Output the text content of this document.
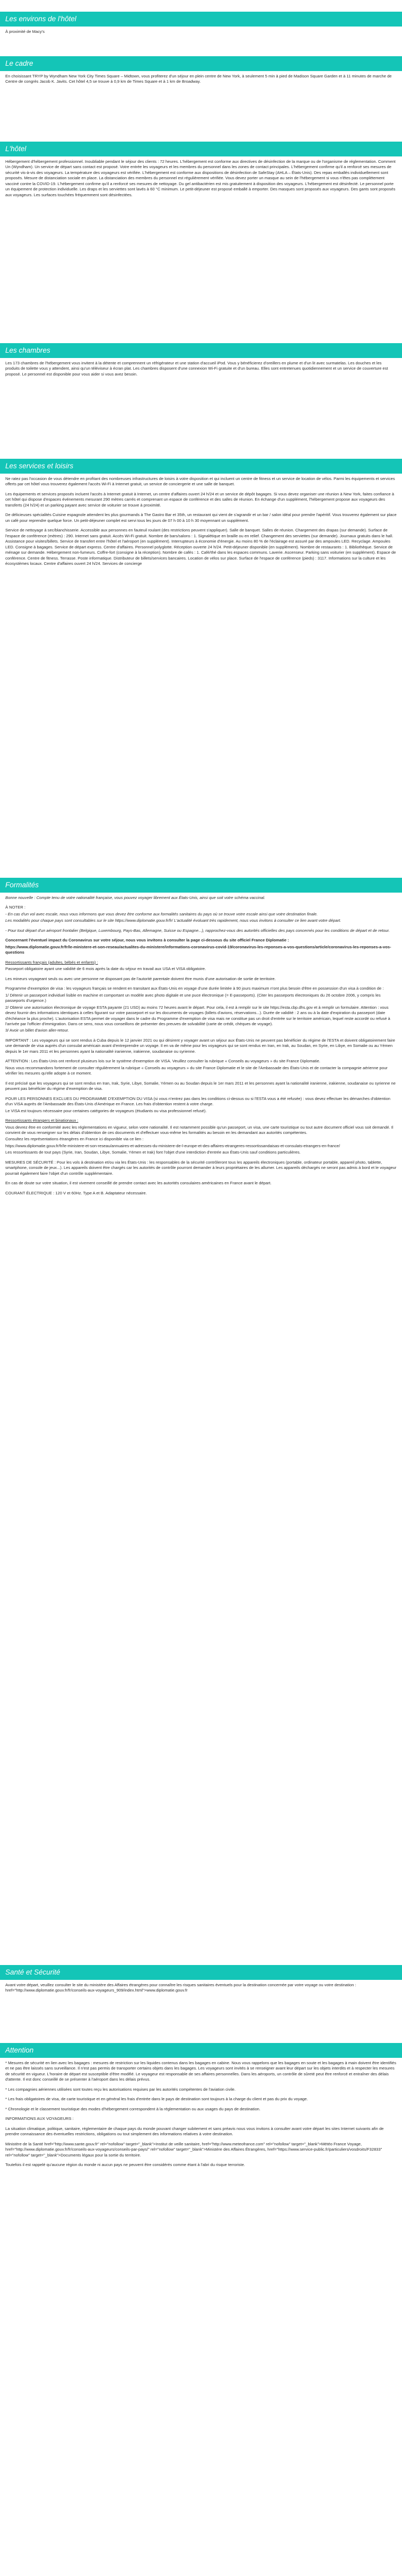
Les environs de l'hôtel

À proximité de Macy's

Le cadre

En choisissant TRYP by Wyndham New York City Times Square – Midtown, vous profiterez d'un séjour en plein centre de New York, à seulement 5 min à pied de Madison Square Garden et à 11 minutes de marche de Centre de congrès Jacob K. Javits. Cet hôtel 4,5 se trouve à 0,9 km de Times Square et à 1 km de Broadway.

L'hôtel

Hébergement d'hébergement professionnel. Inoubliable pendant le séjour des clients : 72 heures. L'hébergement est conforme aux directives de désinfection de la marque ou de l'organisme de réglementation. Comment Un (Wyndham). Un service de départ sans contact est proposé. Votre entrée les voyageurs et les membres du personnel dans les zones de contact principales. L'hébergement confirme qu'il a renforcé ses mesures de sécurité vis-à-vis des voyageurs. La température des voyageurs est vérifiée. L'hébergement est conforme aux dispositions de désinfection de SafeStay (AHLA – États-Unis). Des repas emballés individuellement sont proposés. Mesure de distanciation sociale en place. La distanciation des membres du personnel est régulièrement vérifiée. Vous devez porter un masque au sein de l'hébergement si vous n'êtes pas complètement vacciné contre la COVID-19. L'hébergement confirme qu'il a renforcé ses mesures de nettoyage. Du gel antibactérien est mis gratuitement à disposition des voyageurs. L'hébergement est désinfecté. Le personnel porte un équipement de protection individuelle. Les draps et les serviettes sont lavés à 60 °C minimum. Le petit-déjeuner est proposé emballé à emporter. Des masques sont proposés aux voyageurs. Des gants sont proposés aux voyageurs. Les surfaces touchées fréquemment sont désinfectées.

Les chambres

Les 173 chambres de l'hébergement vous invitent à la détente et comprennent un réfrigérateur et une station d'accueil iPod. Vous y bénéficierez d'oreillers en plume et d'un lit avec surmatelas. Les douches et les produits de toilette vous y attendent, ainsi qu'un téléviseur à écran plat. Les chambres disposent d'une connexion Wi-Fi gratuite et d'un bureau. Elles sont entretenues quotidiennement et un service de couverture est proposé. Le personnel est disponible pour vous aider si vous avez besoin.

Les services et loisirs

Ne ratez pas l'occasion de vous détendre en profitant des nombreuses infrastructures de loisirs à votre disposition et qui incluent un centre de fitness et un service de location de vélos. Parmi les équipements et services offerts par cet hôtel vous trouverez également l'accès Wi-Fi à Internet gratuit, un service de conciergerie et une salle de banquet.

Les équipements et services proposés incluent l'accès à Internet gratuit à Internet, un centre d'affaires ouvert 24 h/24 et un service de dépôt bagages. Si vous devez organiser une réunion à New York, faites confiance à cet hôtel qui dispose d'espaces événements mesurant 290 mètres carrés et comprenant un espace de conférence et des salles de réunion. En échange d'un supplément, l'hébergement propose aux voyageurs des transferts (24 h/24) et un parking payant avec service de voiturier se trouve à proximité.

De délicieuses spécialités Cuisine espagnole attendent les plus gourmands à The Gastro Bar et 35th, un restaurant qui vient de s'agrandir et un bar / salon idéal pour prendre l'apéritif. Vous trouverez également sur place un café pour reprendre quelque force. Un petit-déjeuner complet est servi tous les jours de 07 h 00 à 10 h 30 moyennant un supplément.

Service de nettoyage à sec/blanchisserie. Accessible aux personnes en fauteuil roulant (des restrictions peuvent s'appliquer). Salle de banquet. Salles de réunion. Chargement des drapas (sur demande). Surface de l'espace de conférence (mètres) : 290. Internet sans gratuit. Accès Wi-Fi gratuit. Nombre de bars/salons : 1. Signalétique en braille ou en relief. Changement des serviettes (sur demande). Journaux gratuits dans le hall. Assistance pour visites/billets. Service de transfert entre l'hôtel et l'aéroport (en supplément). Interrupteurs à économie d'énergie. Au moins 80 % de l'éclairage est assuré par des ampoules LED. Recyclage. Ampoules LED. Consigne à bagages. Service de départ express. Centre d'affaires. Personnel polyglotte. Réception ouverte 24 h/24. Petit-déjeuner disponible (en supplément). Nombre de restaurants : 1. Bibliothèque. Service de ménage sur demande. Hébergement non-fumeurs. Coffre-fort (consigne à la réception). Nombre de cafés : 1. Café/thé dans les espaces communs. Laverie. Ascenseur. Parking sans voiturier (en supplément). Espace de conférence. Centre de fitness. Terrasse. Poste informatique. Distributeur de billets/services bancaires. Location de vélos sur place. Surface de l'espace de conférence (pieds) : 3117. Informations sur la culture et les écosystèmes locaux. Centre d'affaires ouvert 24 h/24. Services de concierge

Formalités

Bonne nouvelle : Compte tenu de votre nationalité française, vous pouvez voyager librement aux États-Unis, ainsi que soit votre schéma vaccinal.

À NOTER :

- En cas d'un vol avec escale, nous vous informons que vous devez être conforme aux formalités sanitaires du pays où se trouve votre escale ainsi que votre destination finale.

Les modalités pour chaque pays sont consultables sur le site https://www.diplomatie.gouv.fr/fr/ L'actualité évoluant très rapidement, nous vous invitons à consulter ce lien avant votre départ.

- Pour tout départ d'un aéroport frontalier (Belgique, Luxembourg, Pays-Bas, Allemagne, Suisse ou Espagne...), rapprochez-vous des autorités officielles des pays concernés pour les conditions de départ et de retour.

Concernant l'éventuel impact du Coronavirus sur votre séjour, nous vous invitons à consulter la page ci-dessous du site officiel France Diplomatie :

https://www.diplomatie.gouv.fr/fr/le-ministere-et-son-reseau/actualites-du-ministere/informations-coronavirus-covid-19/coronavirus-les-reponses-a-vos-questions/article/coronavirus-les-reponses-a-vos-questions

Ressortissants français (adultes, bébés et enfants) :

Passeport obligatoire ayant une validité de 6 mois après la date du séjour en travail aux USA et VISA obligatoire.

Les mineurs voyageant seuls ou avec une personne ne disposant pas de l'autorité parentale doivent être munis d'une autorisation de sortie de territoire.

Programme d'exemption de visa : les voyageurs français se rendent en transitant aux États-Unis en voyage d'une durée limitée à 90 jours maximum n'ont plus besoin d'être en possession d'un visa à condition de :

1/ Détenir un passeport individuel lisible en machine et comportant un modèle avec photo digitale et une puce électronique (= E-passeports). (Citer les passeports électroniques du 26 octobre 2006, y compris les passeports d'urgence.)

2/ Obtenir une autorisation électronique de voyage ESTA payante (21 USD) au moins 72 heures avant le départ. Pour cela, il est à remplir sur le site https://esta.cbp.dhs.gov et à remplir un formulaire. Attention : vous devez fournir des informations identiques à celles figurant sur votre passeport et sur les documents de voyages (billets d'avions, réservations...). Durée de validité : 2 ans ou à la date d'expiration du passeport (date d'échéance la plus proche). L'autorisation ESTA permet de voyager dans le cadre du Programme d'exemption de visa mais ne constitue pas un droit d'entrée sur le territoire américain, lequel reste accordé ou refusé à l'arrivée par l'officier d'immigration. Dans ce sens, nous vous conseillons de présenter des preuves de solvabilité (carte de crédit, chèques de voyage).

3/ Avoir un billet d'avion aller-retour.

IMPORTANT : Les voyageurs qui se sont rendus à Cuba depuis le 12 janvier 2021 ou qui désirent y voyager avant un séjour aux États-Unis ne peuvent pas bénéficier du régime de l'ESTA et doivent obligatoirement faire une demande de visa auprès d'un consulat américain avant d'entreprendre un voyage. Il en va de même pour les voyageurs qui se sont rendus en Iran, en Irak, au Soudan, en Syrie, en Libye, en Somalie ou au Yémen depuis le 1er mars 2011 et les personnes ayant la nationalité iranienne, irakienne, soudanaise ou syrienne.

ATTENTION : Les États-Unis ont renforcé plusieurs lois sur le système d'exemption de VISA. Veuillez consulter la rubrique « Conseils au voyageurs » du site France Diplomatie.

Nous vous recommandons fortement de consulter régulièrement la rubrique « Conseils au voyageurs » du site France Diplomatie et le site de l'Ambassade des États-Unis et de contacter la compagnie aérienne pour vérifier les mesures qu'elle adopte à ce moment.

Il est précisé que les voyageurs qui se sont rendus en Iran, Irak, Syrie, Libye, Somalie, Yémen ou au Soudan depuis le 1er mars 2011 et les personnes ayant la nationalité iranienne, irakienne, soudanaise ou syrienne ne peuvent pas bénéficier du régime d'exemption de visa.

POUR LES PERSONNES EXCLUES DU PROGRAMME D'EXEMPTION DU VISA (si vous n'entrez pas dans les conditions ci-dessus ou si l'ESTA vous a été refusée) : vous devez effectuer les démarches d'obtention d'un VISA auprès de l'Ambassade des États-Unis d'Amérique en France. Les frais d'obtention restent à votre charge.

Le VISA est toujours nécessaire pour certaines catégories de voyageurs (étudiants ou visa professionnel refusé).

Ressortissants étrangers et binationaux :

Vous devrez être en conformité avec les réglementations en vigueur, selon votre nationalité. Il est notamment possible qu'un passeport, un visa, une carte touristique ou tout autre document officiel vous soit demandé. Il convient de vous renseigner sur les délais d'obtention de ces documents et d'effectuer vous-même les formalités au besoin en les demandant aux autorités compétentes.

Consultez les représentations étrangères en France ici disponible via ce lien :

https://www.diplomatie.gouv.fr/fr/le-ministere-et-son-reseau/annuaires-et-adresses-du-ministere-de-l-europe-et-des-affaires-etrangeres-ressortissandaisas-et-consulats-etrangers-en-france/

Les ressortissants de tout pays (Syrie, Iran, Soudan, Libye, Somalie, Yémen et Irak) font l'objet d'une interdiction d'entrée aux États-Unis sauf conditions particulières.

MESURES DE SÉCURITÉ : Pour les vols à destination et/ou via les États-Unis : les responsables de la sécurité contrôleront tous les appareils électroniques (portable, ordinateur portable, appareil photo, tablette, smartphone, console de jeux...). Les appareils doivent être chargés car les autorités de contrôle pourront demander à leurs propriétaires de les allumer. Les appareils déchargés ne seront pas admis à bord et le voyageur pourrait également faire l'objet d'un contrôle supplémentaire.

En cas de doute sur votre situation, il est vivement conseillé de prendre contact avec les autorités consulaires américaines en France avant le départ.

COURANT ÉLECTRIQUE : 120 V et 60Hz. Type A et B. Adaptateur nécessaire.

Santé et Sécurité

Avant votre départ, veuillez consulter le site du ministère des Affaires étrangères pour connaître les risques sanitaires éventuels pour la destination concernée par votre voyage ou votre destination : href="http://www.diplomatie.gouv.fr/fr/conseils-aux-voyageurs_909/index.html">www.diplomatie.gouv.fr

Attention

* Mesures de sécurité en lien avec les bagages : mesures de restriction sur les liquides contenus dans les bagages en cabine. Nous vous rappelons que les bagages en soute et les bagages à main doivent être identifiés et ne pas être laissés sans surveillance. Il n'est pas permis de transporter certains objets dans les bagages. Les voyageurs sont invités à se renseigner avant leur départ sur les objets interdits et à respecter les mesures de sécurité en vigueur. L'horaire de départ est susceptible d'être modifié. Le voyageur est responsable de ses affaires personnelles. Dans les aéroports, un contrôle de sûreté peut être renforcé et entraîner des délais d'attente. Il est donc conseillé de se présenter à l'aéroport dans les délais prévus.

* Les compagnies aériennes utilisées sont toutes reçu les autorisations requises par les autorités compétentes de l'aviation civile.

* Les frais obligatoires de visa, de carte touristique et en général les frais d'entrée dans le pays de destination sont toujours à la charge du client et pas du prix du voyage.

* Chronologie et le classement touristique des modes d'hébergement correspondent à la réglementation ou aux usages du pays de destination.

INFORMATIONS AUX VOYAGEURS :

La situation climatique, politique, sanitaire, réglementaire de chaque pays du monde pouvant changer subitement et sans préavis nous vous invitons à consulter avant votre départ les sites Internet suivants afin de prendre connaissance des éventuelles restrictions, obligations ou tout simplement des informations relatives à votre destination.

Ministère de la Santé href="http://www.sante.gouv.fr" rel="nofollow" target="_blank">Institut de veille sanitaire, href="http://www.meteofrance.com" rel="nofollow" target="_blank">Météo France Voyage, href="http://www.diplomatie.gouv.fr/fr/conseils-aux-voyageurs/conseils-par-pays/" rel="nofollow" target="_blank">Ministère des Affaires Étrangères, href="https://www.service-public.fr/particuliers/vosdroits/F32833" rel="nofollow" target="_blank">Documents légaux pour la sortie du territoire.

Toutefois il est rappelé qu'aucune région du monde ni aucun pays ne peuvent être considérés comme étant à l'abri du risque terroriste.
